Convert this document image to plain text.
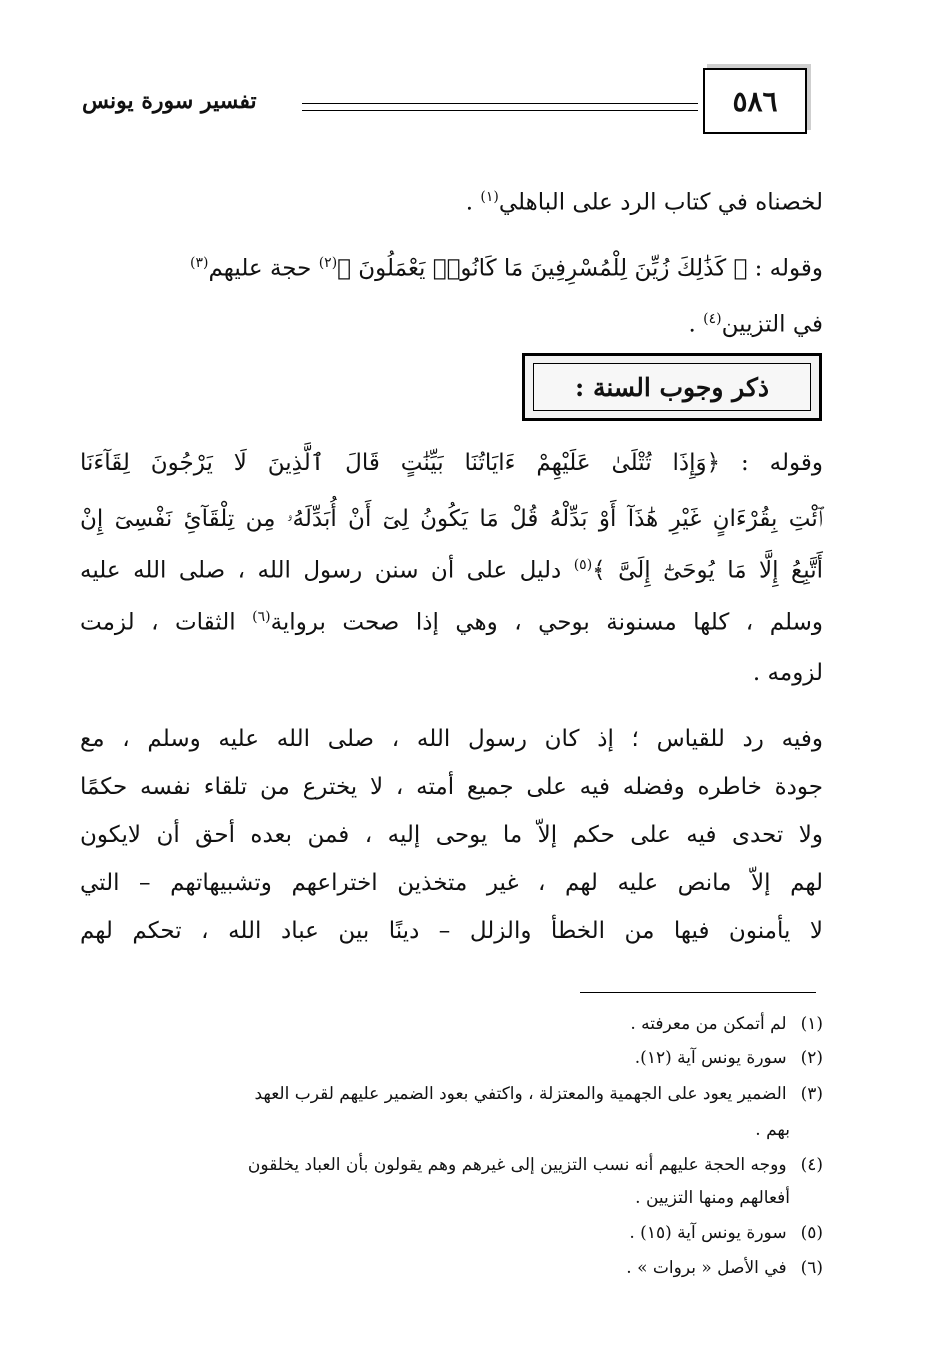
٥٨٦
تفسير سورة يونس
لخصناه في كتاب الرد على الباهلي$^{(١)}$ .
وقوله : ﴿ كَذَٰلِكَ زُيِّنَ لِلْمُسْرِفِينَ مَا كَانُوا۟ يَعْمَلُونَ ﴾$^{(٢)}$ حجة عليهم$^{(٣)}$
في التزيين$^{(٤)}$ .
ذكر وجوب السنة :
وقوله : ﴿وَإِذَا تُتْلَىٰ عَلَيْهِمْ ءَايَاتُنَا بَيِّنَٰتٍ قَالَ ٱلَّذِينَ لَا يَرْجُونَ لِقَآءَنَا
ٱئْتِ بِقُرْءَانٍ غَيْرِ هَٰذَآ أَوْ بَدِّلْهُ قُلْ مَا يَكُونُ لِىٓ أَنْ أُبَدِّلَهُۥ مِن تِلْقَآئِ نَفْسِىٓ إِنْ
أَتَّبِعُ إِلَّا مَا يُوحَىٰٓ إِلَىَّ ﴾$^{(٥)}$ دليل على أن سنن رسول الله ، صلى الله عليه
وسلم ، كلها مسنونة بوحي ، وهي إذا صحت برواية$^{(٦)}$ الثقات ، لزمت
لزومه .
وفيه رد للقياس ؛ إذ كان رسول الله ، صلى الله عليه وسلم ، مع
جودة خاطره وفضله فيه على جميع أمته ، لا يخترع من تلقاء نفسه حكمًا
ولا تحدى فيه على حكم إلاّ ما يوحى إليه ، فمن بعده أحق أن لايكون
لهم إلاّ مانص عليه لهم ، غير متخذين اختراعهم وتشبيهاتهم – التي
لا يأمنون فيها من الخطأ والزلل – دينًا بين عباد الله ، تحكم لهم
(١)لم أتمكن من معرفته .
(٢)سورة يونس آية (١٢).
(٣)الضمير يعود على الجهمية والمعتزلة ، واكتفي بعود الضمير عليهم لقرب العهد
بهم .
(٤)ووجه الحجة عليهم أنه نسب التزيين إلى غيرهم وهم يقولون بأن العباد يخلقون
أفعالهم ومنها التزيين .
(٥)سورة يونس آية (١٥) .
(٦)في الأصل « بروات » .
